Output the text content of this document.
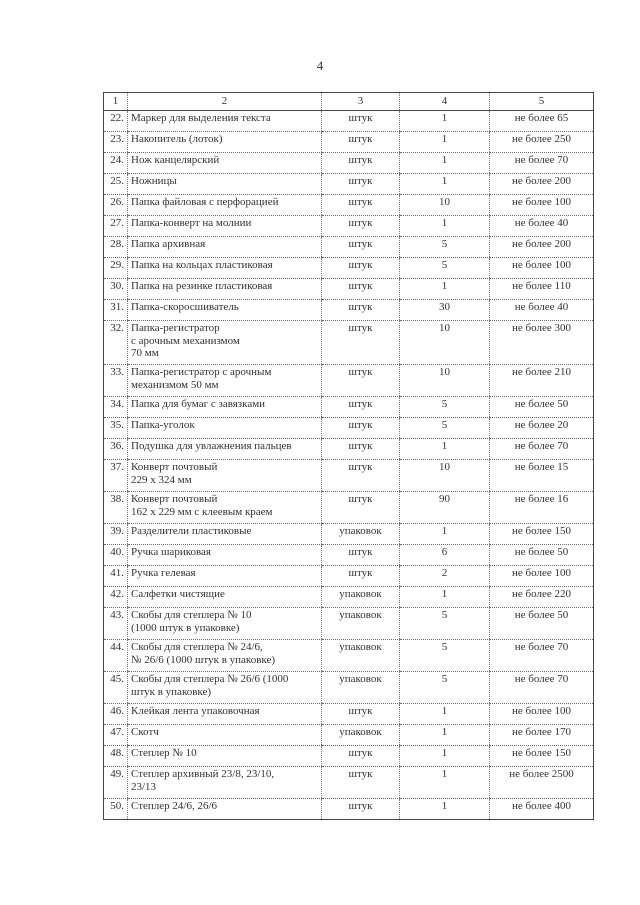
4
1	2	3	4	5
22.	Маркер для выделения текста	штук	1	не более 65
23.	Накопитель (лоток)	штук	1	не более 250
24.	Нож канцелярский	штук	1	не более 70
25.	Ножницы	штук	1	не более 200
26.	Папка файловая с перфорацией	штук	10	не более 100
27.	Папка-конверт на молнии	штук	1	не более 40
28.	Папка архивная	штук	5	не более 200
29.	Папка на кольцах пластиковая	штук	5	не более 100
30.	Папка на резинке пластиковая	штук	1	не более 110
31.	Папка-скоросшиватель	штук	30	не более 40
32.	Папка-регистратор
с арочным механизмом
70 мм	штук	10	не более 300
33.	Папка-регистратор с арочным
механизмом 50 мм	штук	10	не более 210
34.	Папка для бумаг с завязками	штук	5	не более 50
35.	Папка-уголок	штук	5	не более 20
36.	Подушка для увлажнения пальцев	штук	1	не более 70
37.	Конверт почтовый
229 х 324 мм	штук	10	не более 15
38.	Конверт почтовый
162 х 229 мм с клеевым краем	штук	90	не более 16
39.	Разделители пластиковые	упаковок	1	не более 150
40.	Ручка шариковая	штук	6	не более 50
41.	Ручка гелевая	штук	2	не более 100
42.	Салфетки чистящие	упаковок	1	не более 220
43.	Скобы для степлера № 10
(1000 штук в упаковке)	упаковок	5	не более 50
44.	Скобы для степлера № 24/6,
№ 26/6 (1000 штук в упаковке)	упаковок	5	не более 70
45.	Скобы для степлера № 26/6 (1000
штук в упаковке)	упаковок	5	не более 70
46.	Клейкая лента упаковочная	штук	1	не более 100
47.	Скотч	упаковок	1	не более 170
48.	Степлер № 10	штук	1	не более 150
49.	Степлер архивный 23/8, 23/10,
23/13	штук	1	не более 2500
50.	Степлер 24/6, 26/6	штук	1	не более 400
